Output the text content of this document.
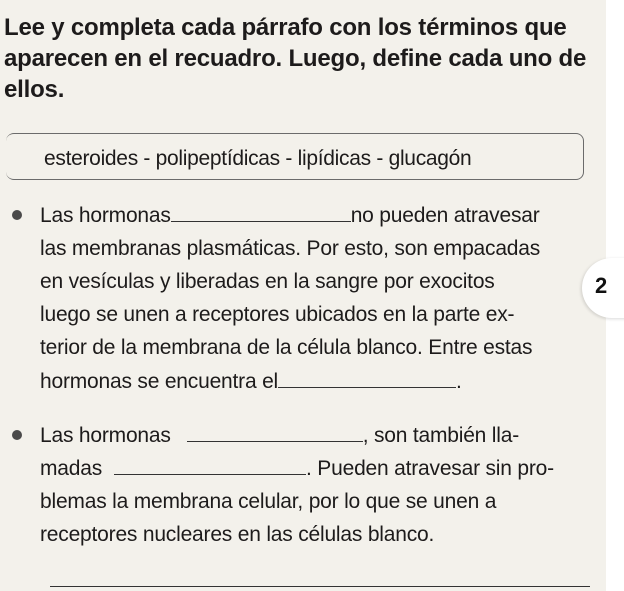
Lee y completa cada párrafo con los términos que
aparecen en el recuadro. Luego, define cada uno de
ellos.
esteroides - polipeptídicas - lipídicas - glucagón
Las hormonas	no pueden atravesar
las membranas plasmáticas. Por esto, son empacadas
en vesículas y liberadas en la sangre por exocitos
luego se unen a receptores ubicados en la parte ex-
terior de la membrana de la célula blanco. Entre estas
hormonas se encuentra el	.
Las hormonas	, son también lla-
madas	. Pueden atravesar sin pro-
blemas la membrana celular, por lo que se unen a
receptores nucleares en las células blanco.
2
